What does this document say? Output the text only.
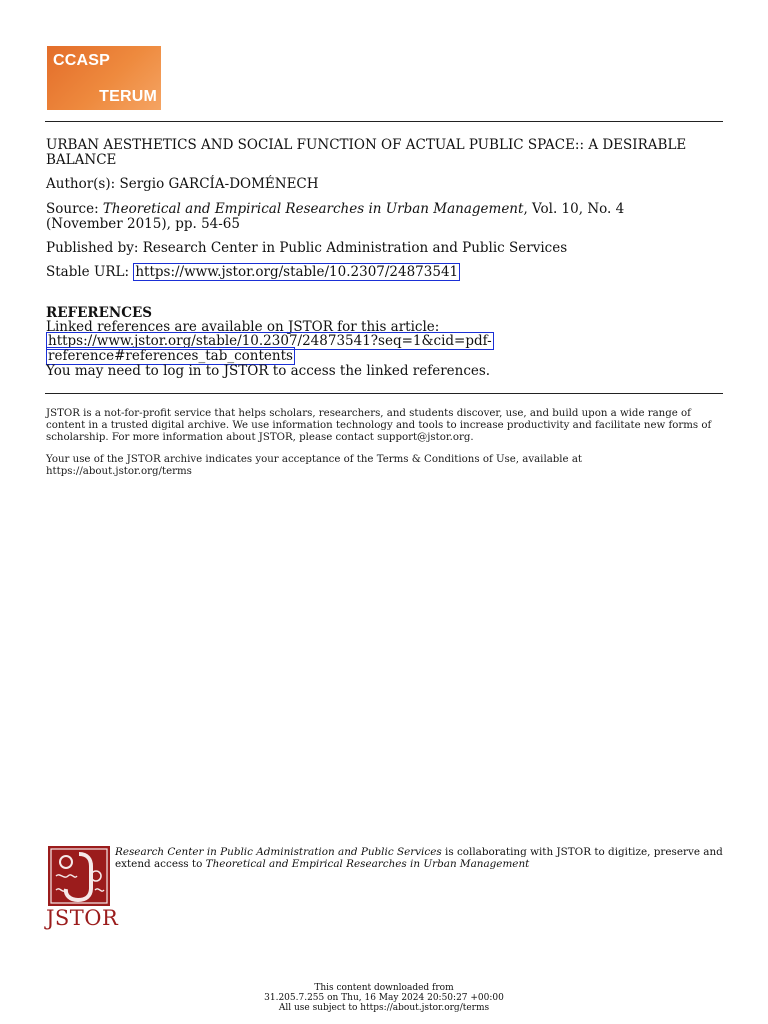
CCASP
TERUM
URBAN AESTHETICS AND SOCIAL FUNCTION OF ACTUAL PUBLIC SPACE:: A DESIRABLE BALANCE
Author(s): Sergio GARCÍA-DOMÉNECH
Source: Theoretical and Empirical Researches in Urban Management, Vol. 10, No. 4 (November 2015), pp. 54-65
Published by: Research Center in Public Administration and Public Services
Stable URL: https://www.jstor.org/stable/10.2307/24873541
REFERENCES
Linked references are available on JSTOR for this article:
https://www.jstor.org/stable/10.2307/24873541?seq=1&cid=pdf-
reference#references_tab_contents
You may need to log in to JSTOR to access the linked references.
JSTOR is a not-for-profit service that helps scholars, researchers, and students discover, use, and build upon a wide range of content in a trusted digital archive. We use information technology and tools to increase productivity and facilitate new forms of scholarship. For more information about JSTOR, please contact support@jstor.org.
Your use of the JSTOR archive indicates your acceptance of the Terms & Conditions of Use, available at https://about.jstor.org/terms
JSTOR
Research Center in Public Administration and Public Services is collaborating with JSTOR to digitize, preserve and extend access to Theoretical and Empirical Researches in Urban Management
This content downloaded from
31.205.7.255 on Thu, 16 May 2024 20:50:27 +00:00
All use subject to https://about.jstor.org/terms
